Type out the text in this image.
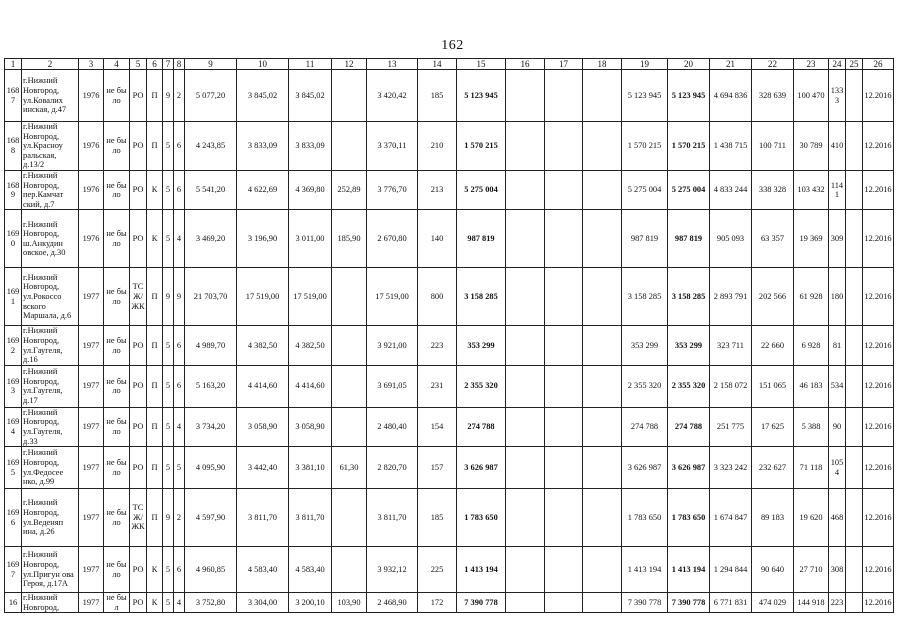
162
1	2	3	4	5	6	7	8	9	10	11	12	13	14	15	16	17	18	19	20	21	22	23	24	25	26
1687	г.Нижний Новгород, ул.Ковалих инская, д.47	1976	не было	РО	П	9	2	5 077,20	3 845,02	3 845,02		3 420,42	185	5 123 945				5 123 945	5 123 945	4 694 836	328 639	100 470	1333		12.2016
1688	г.Нижний Новгород, ул.Красноу ральская, д.13/2	1976	не было	РО	П	5	6	4 243,85	3 833,09	3 833,09		3 370,11	210	1 570 215				1 570 215	1 570 215	1 438 715	100 711	30 789	410		12.2016
1689	г.Нижний Новгород, пер.Камчат ский, д.7	1976	не было	РО	К	5	6	5 541,20	4 622,69	4 369,80	252,89	3 776,70	213	5 275 004				5 275 004	5 275 004	4 833 244	338 328	103 432	1141		12.2016
1690	г.Нижний Новгород, ш.Анкудин овское, д.30	1976	не было	РО	К	5	4	3 469,20	3 196,90	3 011,00	185,90	2 670,80	140	987 819				987 819	987 819	905 093	63 357	19 369	309		12.2016
1691	г.Нижний Новгород, ул.Рокоссо вского Маршала, д.6	1977	не было	ТСЖ/ЖК	П	9	9	21 703,70	17 519,00	17 519,00		17 519,00	800	3 158 285				3 158 285	3 158 285	2 893 791	202 566	61 928	180		12.2016
1692	г.Нижний Новгород, ул.Гаугеля, д.16	1977	не было	РО	П	5	6	4 989,70	4 382,50	4 382,50		3 921,00	223	353 299				353 299	353 299	323 711	22 660	6 928	81		12.2016
1693	г.Нижний Новгород, ул.Гаугеля, д.17	1977	не было	РО	П	5	6	5 163,20	4 414,60	4 414,60		3 691,05	231	2 355 320				2 355 320	2 355 320	2 158 072	151 065	46 183	534		12.2016
1694	г.Нижний Новгород, ул.Гаугеля, д.33	1977	не было	РО	П	5	4	3 734,20	3 058,90	3 058,90		2 480,40	154	274 788				274 788	274 788	251 775	17 625	5 388	90		12.2016
1695	г.Нижний Новгород, ул.Федосее нко, д.99	1977	не было	РО	П	5	5	4 095,90	3 442,40	3 381,10	61,30	2 820,70	157	3 626 987				3 626 987	3 626 987	3 323 242	232 627	71 118	1054		12.2016
1696	г.Нижний Новгород, ул.Веденяп ина, д.26	1977	не было	ТСЖ/ЖК	П	9	2	4 597,90	3 811,70	3 811,70		3 811,70	185	1 783 650				1 783 650	1 783 650	1 674 847	89 183	19 620	468		12.2016
1697	г.Нижний Новгород, ул.Пригун ова Героя, д.17А	1977	не было	РО	К	5	6	4 960,85	4 583,40	4 583,40		3 932,12	225	1 413 194				1 413 194	1 413 194	1 294 844	90 640	27 710	308		12.2016
16	г.Нижний Новгород,	1977	не был	РО	К	5	4	3 752,80	3 304,00	3 200,10	103,90	2 468,90	172	7 390 778				7 390 778	7 390 778	6 771 831	474 029	144 918	223		12.2016
